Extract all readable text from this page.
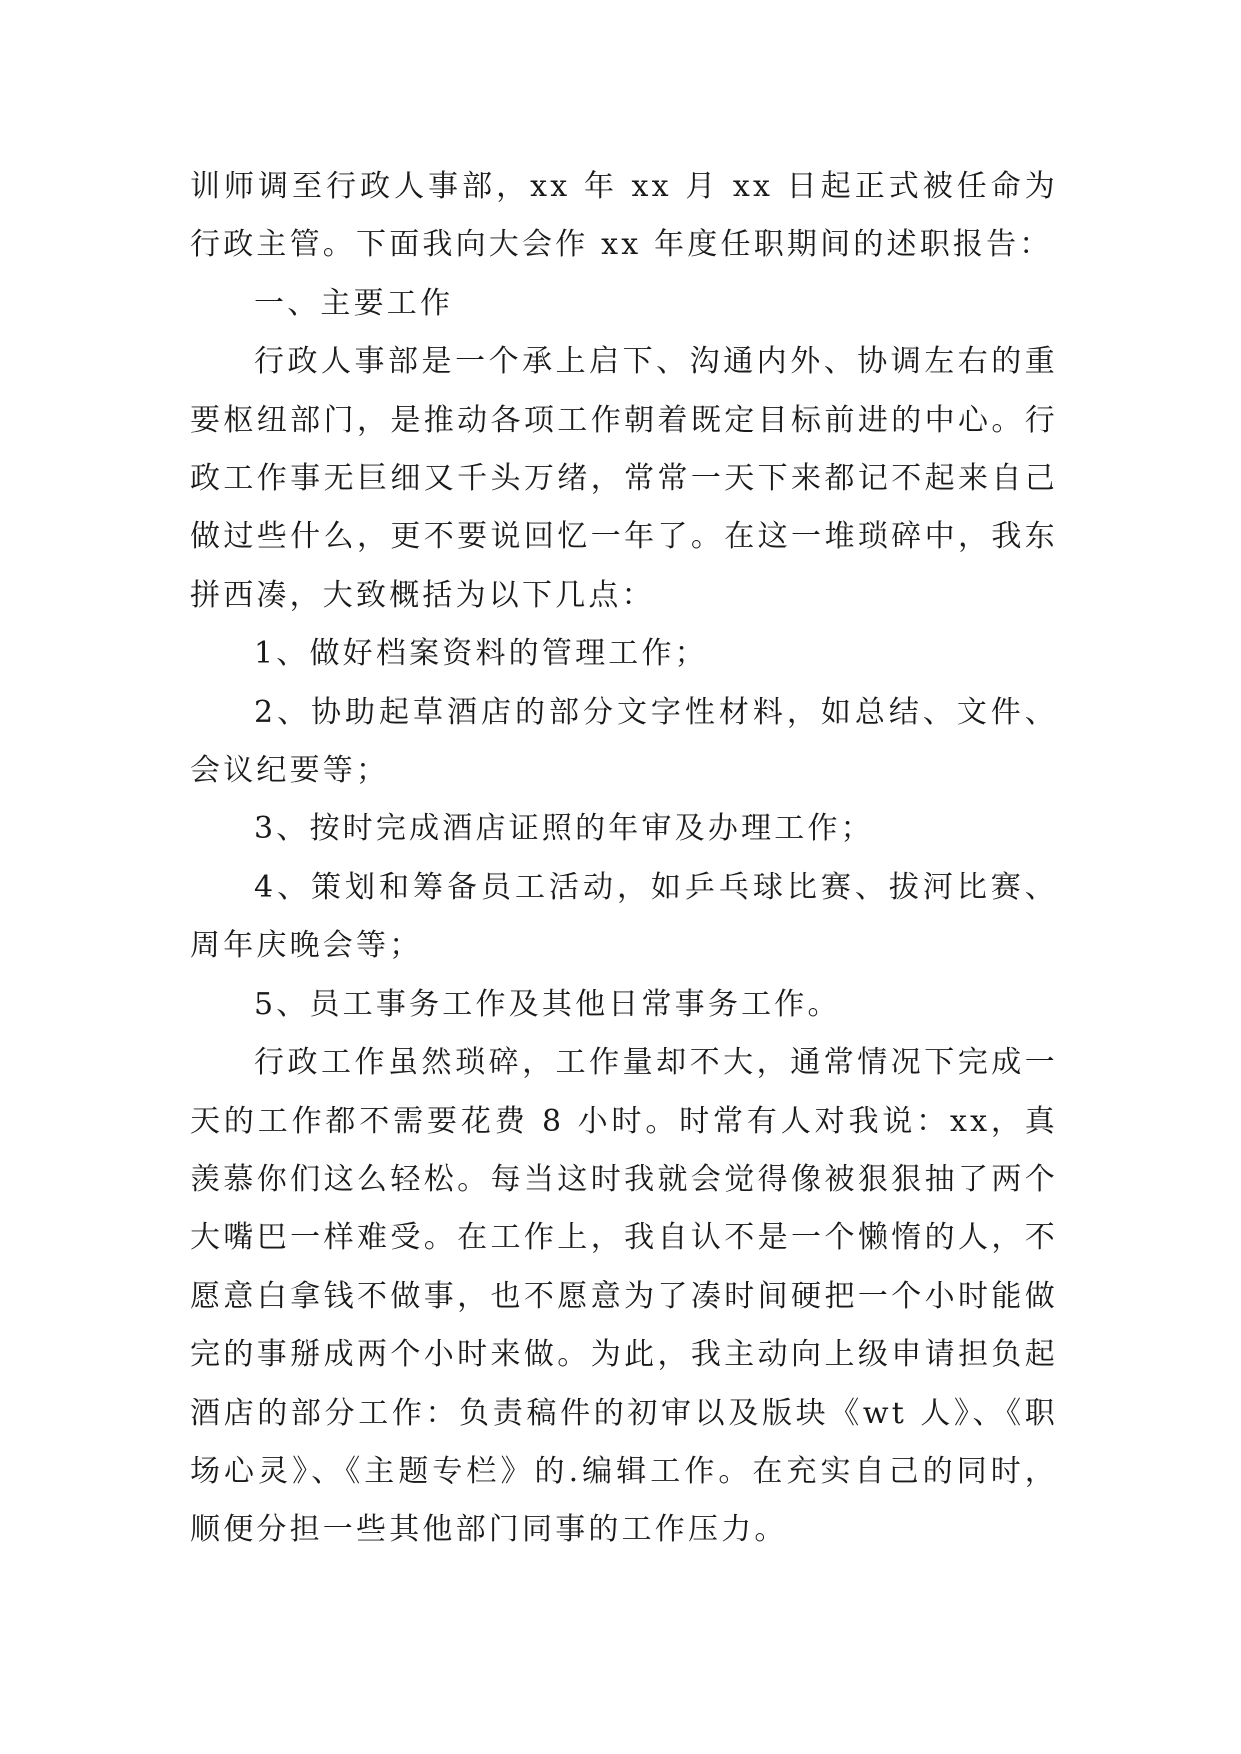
训师调至行政人事部，xx 年 xx 月 xx 日起正式被任命为行政主管。下面我向大会作 xx 年度任职期间的述职报告：

一、主要工作

行政人事部是一个承上启下、沟通内外、协调左右的重要枢纽部门，是推动各项工作朝着既定目标前进的中心。行政工作事无巨细又千头万绪，常常一天下来都记不起来自己做过些什么，更不要说回忆一年了。在这一堆琐碎中，我东拼西凑，大致概括为以下几点：

1、做好档案资料的管理工作；

2、协助起草酒店的部分文字性材料，如总结、文件、会议纪要等；

3、按时完成酒店证照的年审及办理工作；

4、策划和筹备员工活动，如乒乓球比赛、拔河比赛、周年庆晚会等；

5、员工事务工作及其他日常事务工作。

行政工作虽然琐碎，工作量却不大，通常情况下完成一天的工作都不需要花费 8 小时。时常有人对我说：xx，真羡慕你们这么轻松。每当这时我就会觉得像被狠狠抽了两个大嘴巴一样难受。在工作上，我自认不是一个懒惰的人，不愿意白拿钱不做事，也不愿意为了凑时间硬把一个小时能做完的事掰成两个小时来做。为此，我主动向上级申请担负起酒店的部分工作：负责稿件的初审以及版块《wt 人》、《职场心灵》、《主题专栏》的.编辑工作。在充实自己的同时，顺便分担一些其他部门同事的工作压力。
